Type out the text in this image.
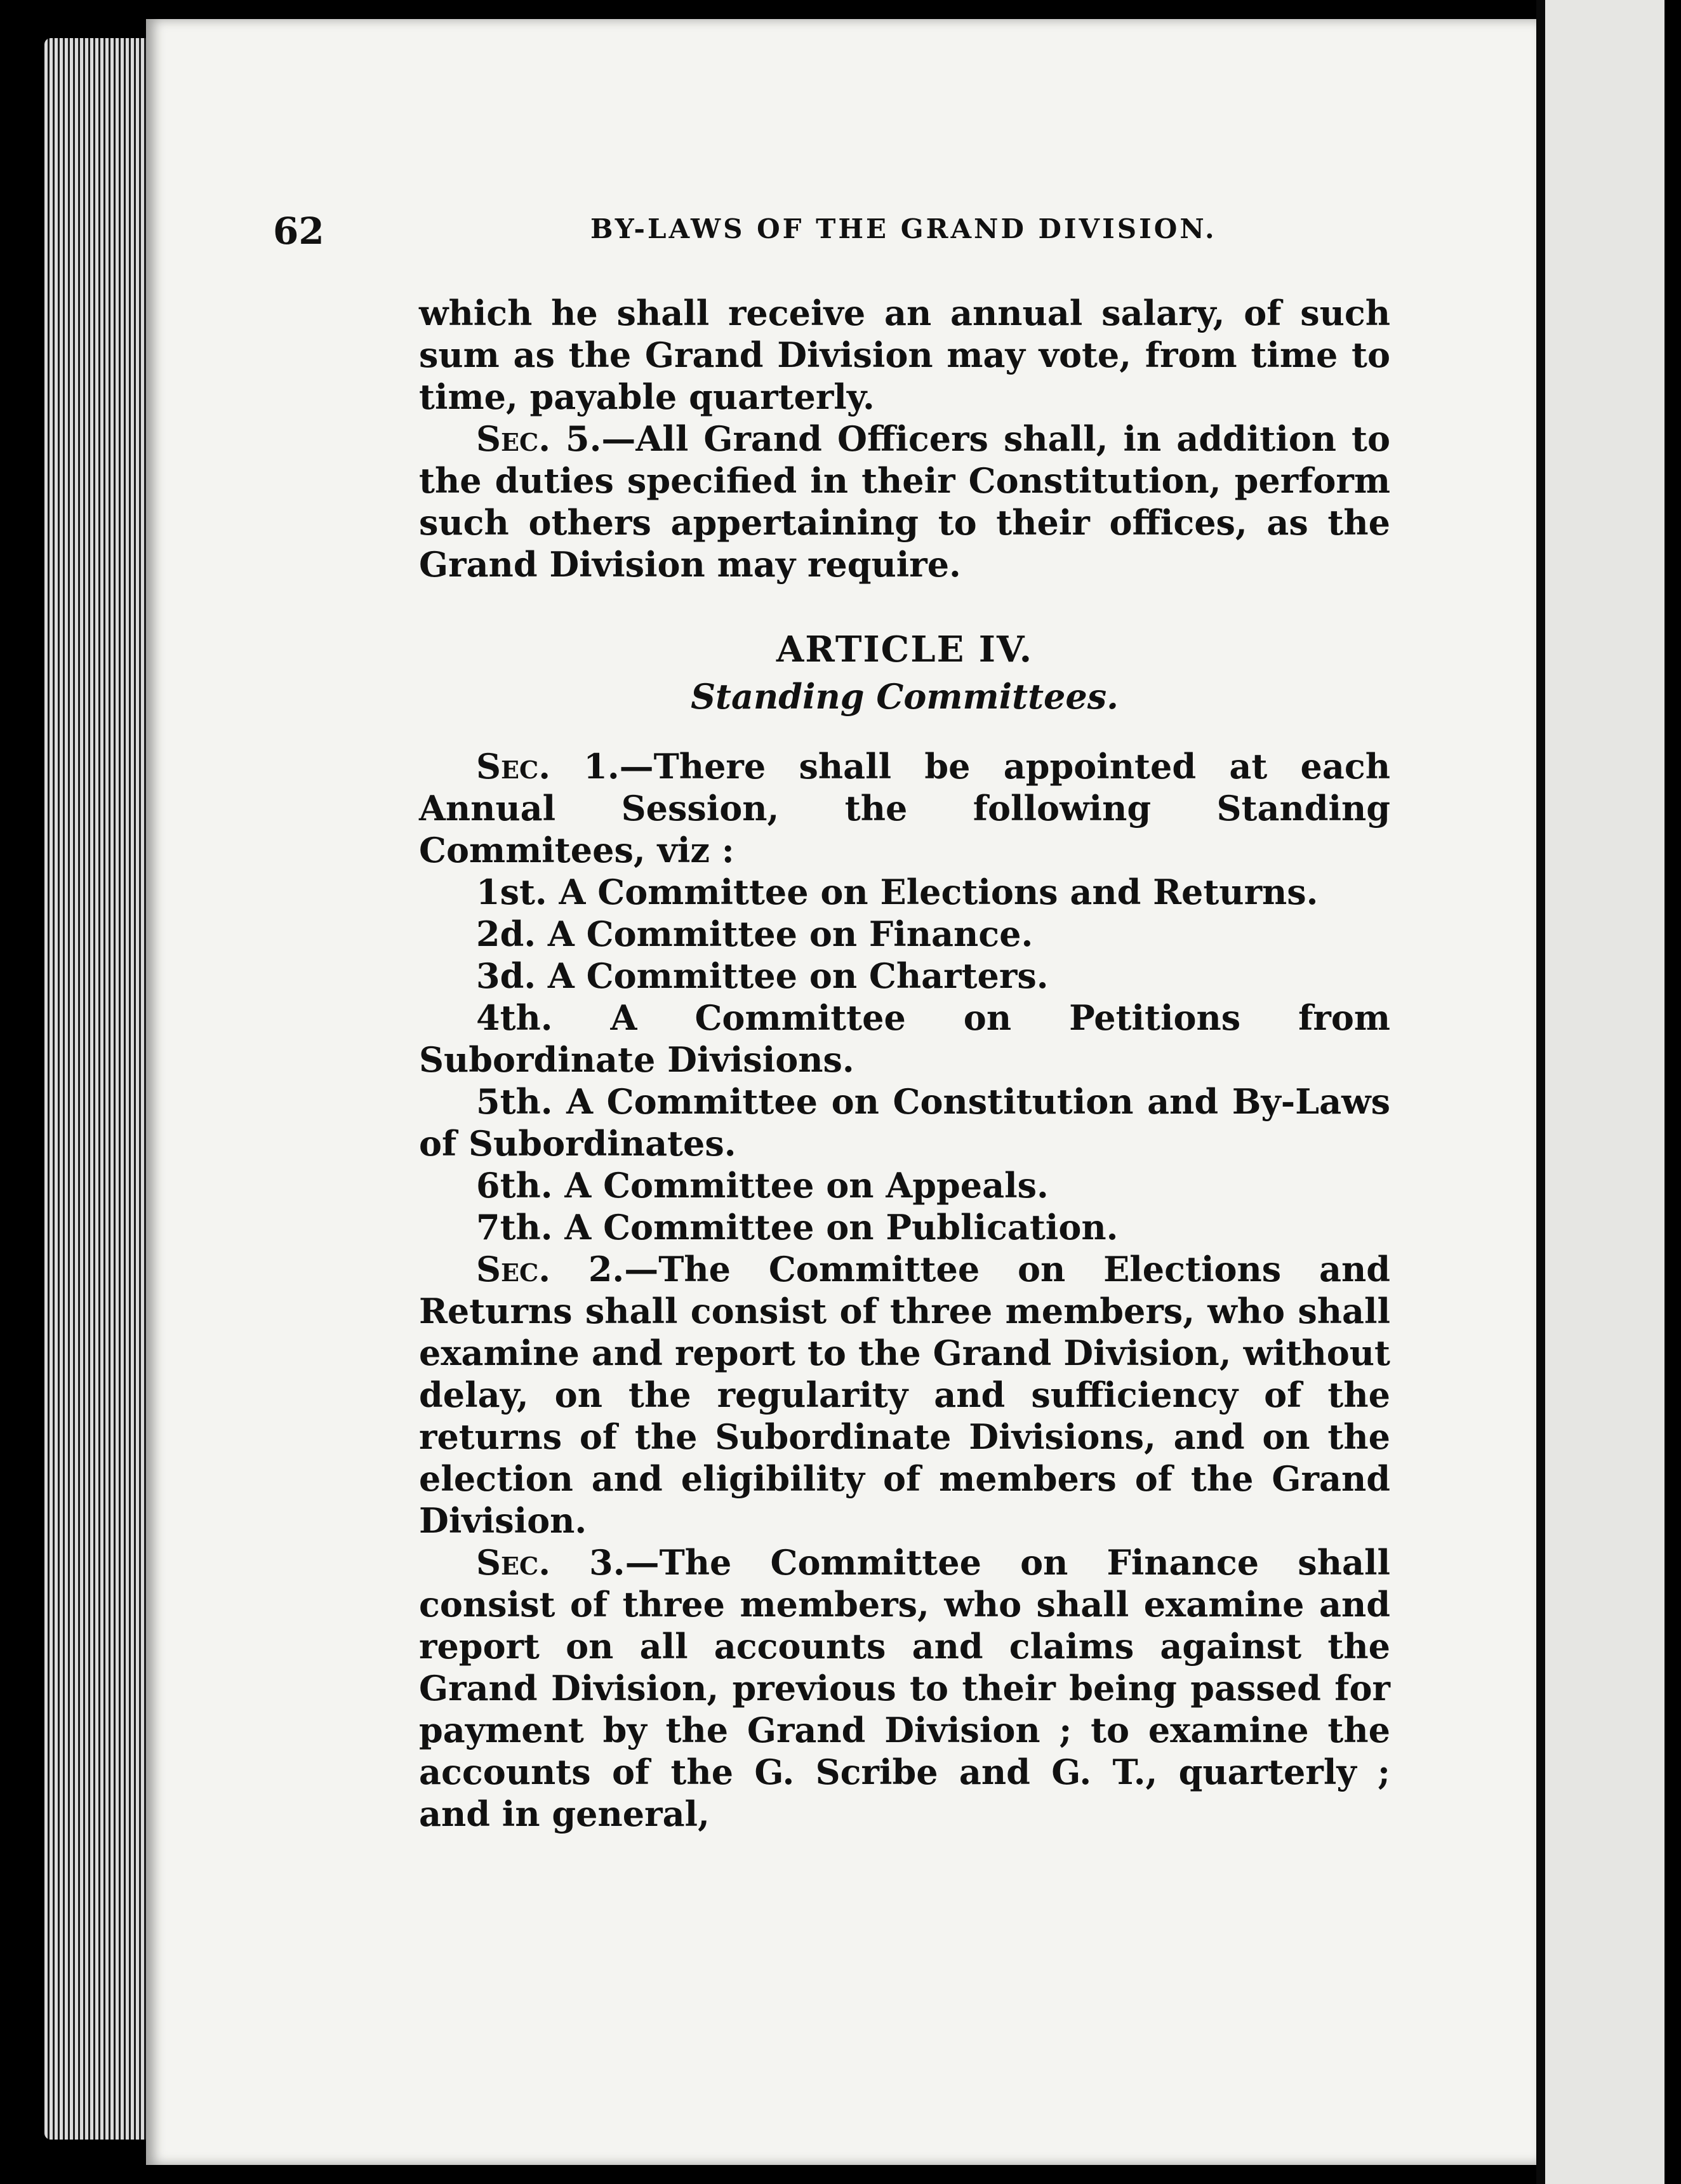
62	BY-LAWS OF THE GRAND DIVISION.

which he shall receive an annual salary, of such sum as the Grand Division may vote, from time to time, payable quarterly.

Sec. 5.—All Grand Officers shall, in addition to the duties specified in their Constitution, perform such others appertaining to their offices, as the Grand Division may require.

ARTICLE IV.
Standing Committees.

Sec. 1.—There shall be appointed at each Annual Session, the following Standing Commitees, viz :

1st. A Committee on Elections and Returns.

2d. A Committee on Finance.

3d. A Committee on Charters.

4th. A Committee on Petitions from Subordinate Divisions.

5th. A Committee on Constitution and By-Laws of Subordinates.

6th. A Committee on Appeals.

7th. A Committee on Publication.

Sec. 2.—The Committee on Elections and Returns shall consist of three members, who shall examine and report to the Grand Division, without delay, on the regularity and sufficiency of the returns of the Subordinate Divisions, and on the election and eligibility of members of the Grand Division.

Sec. 3.—The Committee on Finance shall consist of three members, who shall examine and report on all accounts and claims against the Grand Division, previous to their being passed for payment by the Grand Division ; to examine the accounts of the G. Scribe and G. T., quarterly ; and in general,
